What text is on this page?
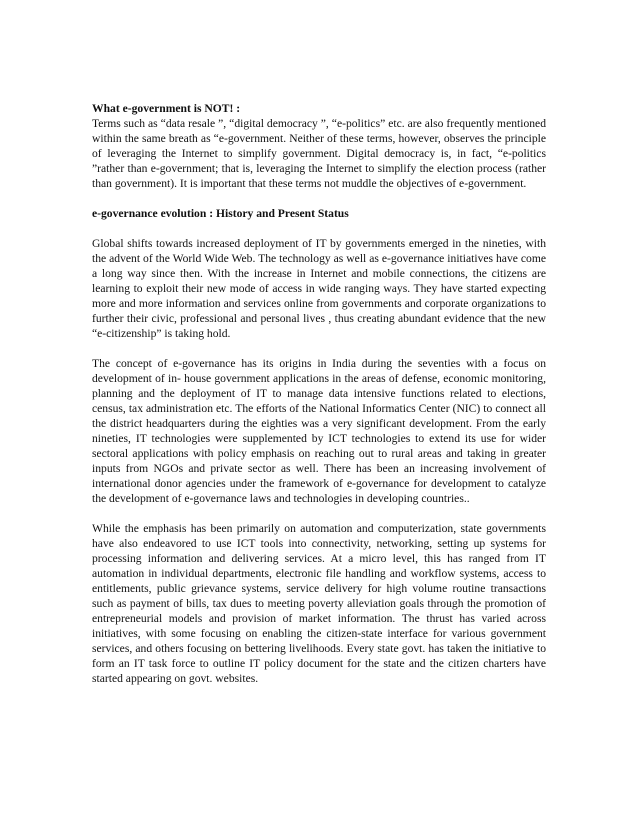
What e-government is NOT! :

Terms such as “data resale ”, “digital democracy ”, “e-politics” etc. are also frequently mentioned within the same breath as “e-government. Neither of these terms, however, observes the principle of leveraging the Internet to simplify government. Digital democracy is, in fact, “e-politics ”rather than e-government; that is, leveraging the Internet to simplify the election process (rather than government). It is important that these terms not muddle the objectives of e-government.

e-governance evolution : History and Present Status

Global shifts towards increased deployment of IT by governments emerged in the nineties, with the advent of the World Wide Web. The technology as well as e-governance initiatives have come a long way since then. With the increase in Internet and mobile connections, the citizens are learning to exploit their new mode of access in wide ranging ways. They have started expecting more and more information and services online from governments and corporate organizations to further their civic, professional and personal lives , thus creating abundant evidence that the new “e-citizenship” is taking hold.

The concept of e-governance has its origins in India during the seventies with a focus on development of in- house government applications in the areas of defense, economic monitoring, planning and the deployment of IT to manage data intensive functions related to elections, census, tax administration etc. The efforts of the National Informatics Center (NIC) to connect all the district headquarters during the eighties was a very significant development. From the early nineties, IT technologies were supplemented by ICT technologies to extend its use for wider sectoral applications with policy emphasis on reaching out to rural areas and taking in greater inputs from NGOs and private sector as well. There has been an increasing involvement of international donor agencies under the framework of e-governance for development to catalyze the development of e-governance laws and technologies in developing countries..

While the emphasis has been primarily on automation and computerization, state governments have also endeavored to use ICT tools into connectivity, networking, setting up systems for processing information and delivering services. At a micro level, this has ranged from IT automation in individual departments, electronic file handling and workflow systems, access to entitlements, public grievance systems, service delivery for high volume routine transactions such as payment of bills, tax dues to meeting poverty alleviation goals through the promotion of entrepreneurial models and provision of market information. The thrust has varied across initiatives, with some focusing on enabling the citizen-state interface for various government services, and others focusing on bettering livelihoods. Every state govt. has taken the initiative to form an IT task force to outline IT policy document for the state and the citizen charters have started appearing on govt. websites.
